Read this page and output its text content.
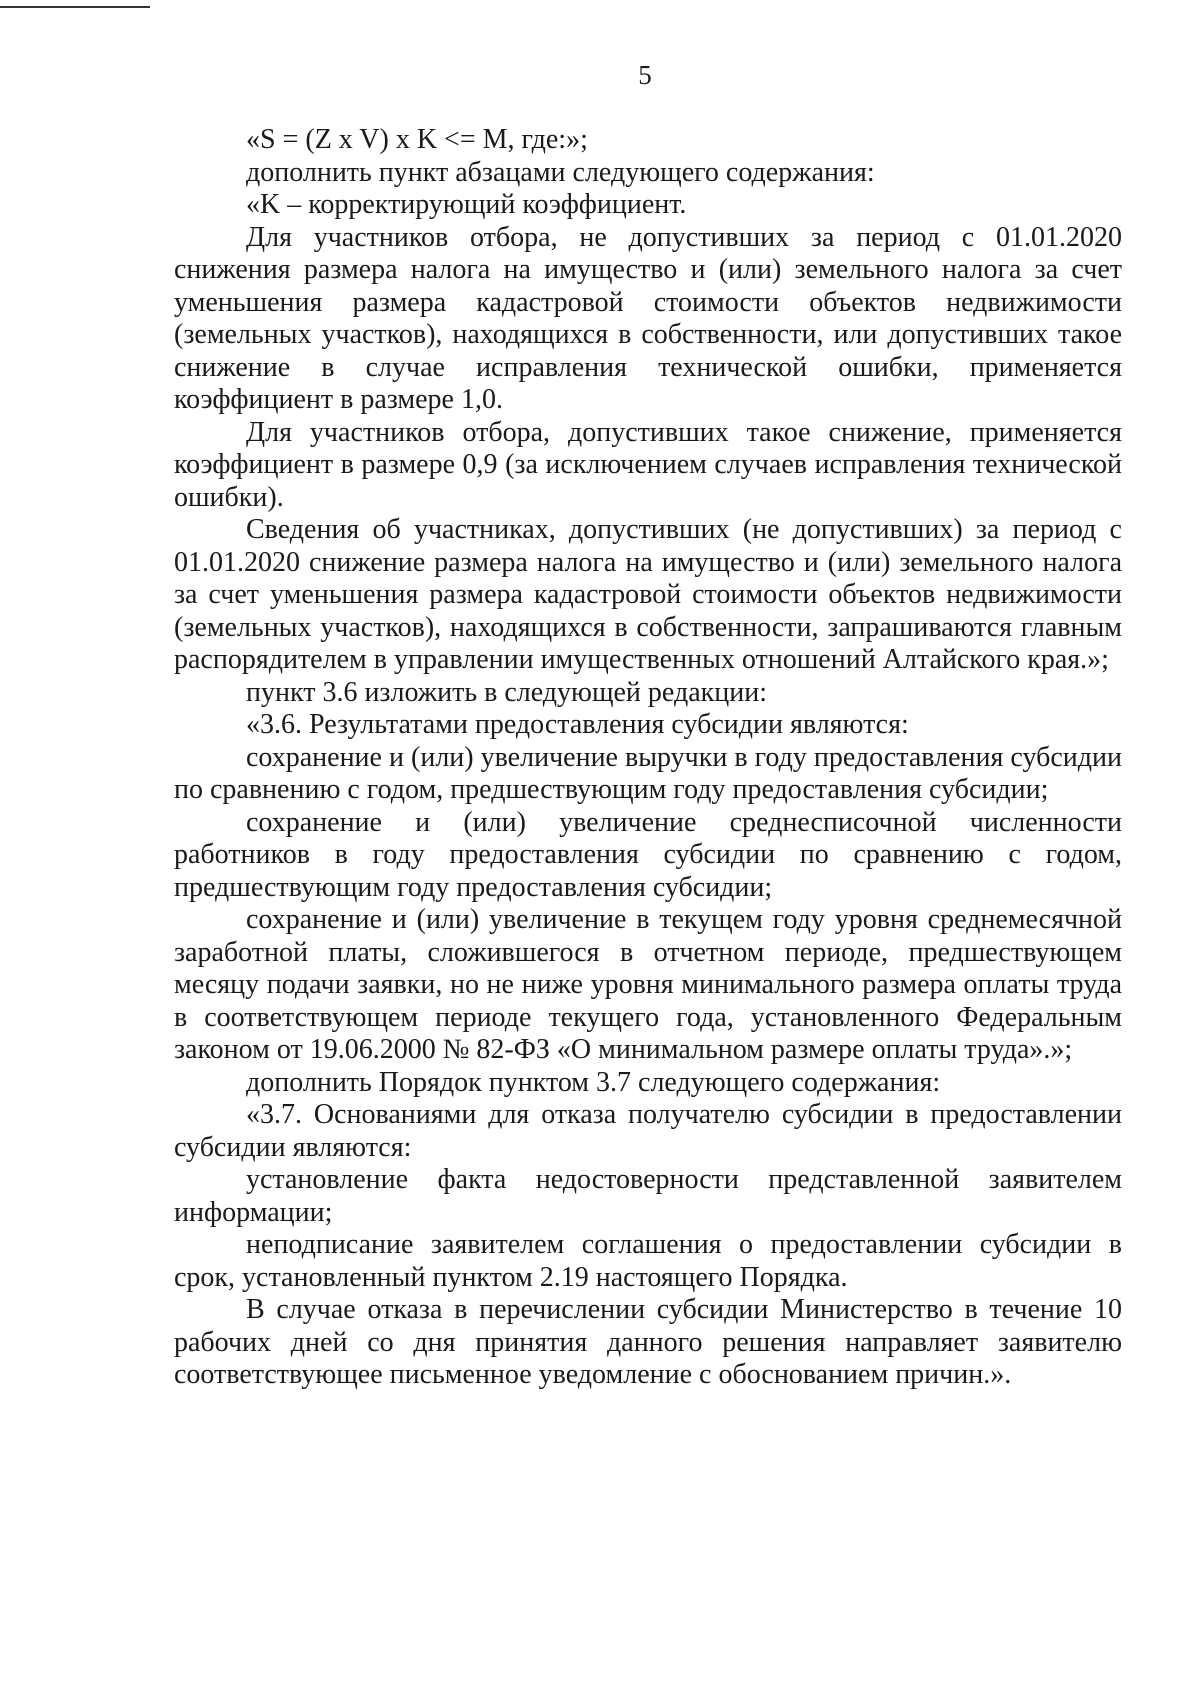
5

«S = (Z x V) x K <= M, где:»;

дополнить пункт абзацами следующего содержания:

«K – корректирующий коэффициент.

Для участников отбора, не допустивших за период с 01.01.2020 снижения размера налога на имущество и (или) земельного налога за счет уменьшения размера кадастровой стоимости объектов недвижимости (земельных участков), находящихся в собственности, или допустивших такое снижение в случае исправления технической ошибки, применяется коэффициент в размере 1,0.

Для участников отбора, допустивших такое снижение, применяется коэффициент в размере 0,9 (за исключением случаев исправления технической ошибки).

Сведения об участниках, допустивших (не допустивших) за период с 01.01.2020 снижение размера налога на имущество и (или) земельного налога за счет уменьшения размера кадастровой стоимости объектов недвижимости (земельных участков), находящихся в собственности, запрашиваются главным распорядителем в управлении имущественных отношений Алтайского края.»;

пункт 3.6 изложить в следующей редакции:

«3.6. Результатами предоставления субсидии являются:

сохранение и (или) увеличение выручки в году предоставления субсидии по сравнению с годом, предшествующим году предоставления субсидии;

сохранение и (или) увеличение среднесписочной численности работников в году предоставления субсидии по сравнению с годом, предшествующим году предоставления субсидии;

сохранение и (или) увеличение в текущем году уровня среднемесячной заработной платы, сложившегося в отчетном периоде, предшествующем месяцу подачи заявки, но не ниже уровня минимального размера оплаты труда в соответствующем периоде текущего года, установленного Федеральным законом от 19.06.2000 № 82-ФЗ «О минимальном размере оплаты труда».»;

дополнить Порядок пунктом 3.7 следующего содержания:

«3.7. Основаниями для отказа получателю субсидии в предоставлении субсидии являются:

установление факта недостоверности представленной заявителем информации;

неподписание заявителем соглашения о предоставлении субсидии в срок, установленный пунктом 2.19 настоящего Порядка.

В случае отказа в перечислении субсидии Министерство в течение 10 рабочих дней со дня принятия данного решения направляет заявителю соответствующее письменное уведомление с обоснованием причин.».
